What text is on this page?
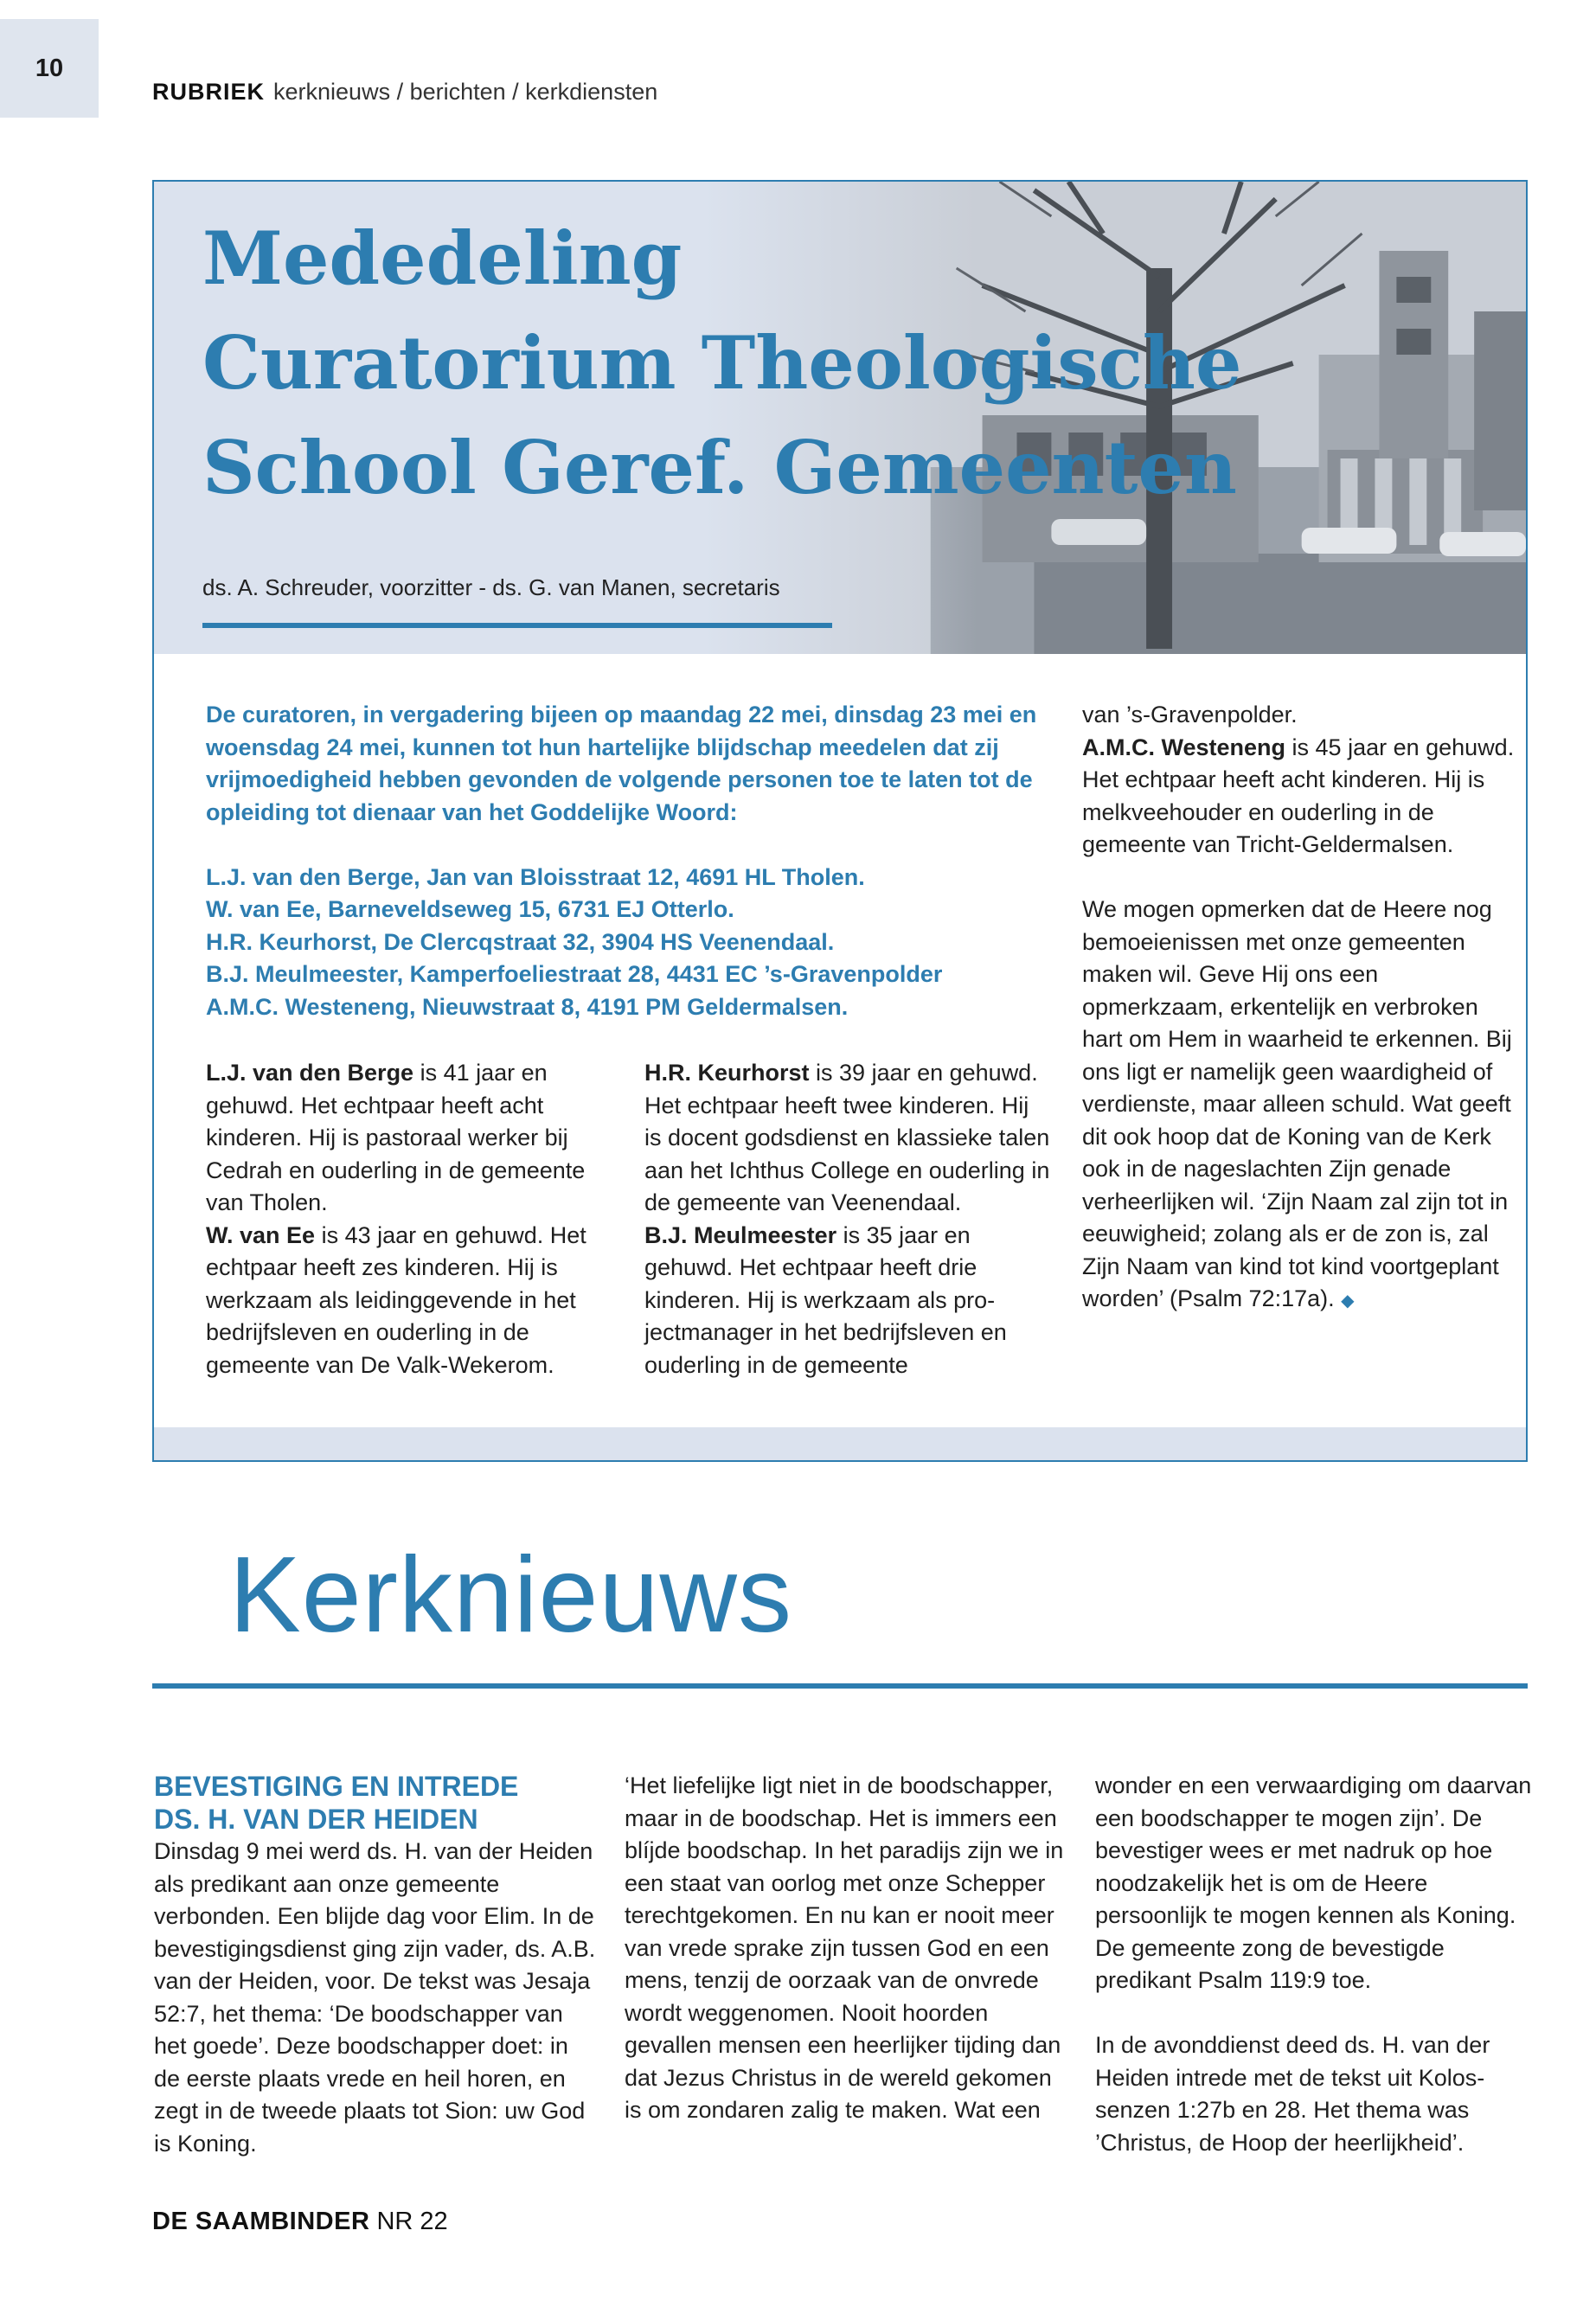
10
RUBRIEK kerknieuws / berichten / kerkdiensten
Mededeling
Curatorium Theologische
School Geref. Gemeenten
ds. A. Schreuder, voorzitter - ds. G. van Manen, secretaris

De curatoren, in vergadering bijeen op maandag 22 mei, dinsdag 23 mei en woensdag 24 mei, kunnen tot hun hartelijke blijdschap meedelen dat zij vrijmoedigheid hebben gevonden de volgende personen toe te laten tot de opleiding tot dienaar van het Goddelijke Woord:

L.J. van den Berge, Jan van Bloisstraat 12, 4691 HL Tholen.
W. van Ee, Barneveldseweg 15, 6731 EJ Otterlo.
H.R. Keurhorst, De Clercqstraat 32, 3904 HS Veenendaal.
B.J. Meulmeester, Kamperfoeliestraat 28, 4431 EC ’s-Gravenpolder
A.M.C. Westeneng, Nieuwstraat 8, 4191 PM Geldermalsen.

L.J. van den Berge is 41 jaar en gehuwd. Het echtpaar heeft acht kinderen. Hij is pastoraal werker bij Cedrah en ouderling in de gemeente van Tholen.

W. van Ee is 43 jaar en gehuwd. Het echtpaar heeft zes kinderen. Hij is werkzaam als leidinggevende in het bedrijfsleven en ouderling in de gemeente van De Valk-Wekerom.

H.R. Keurhorst is 39 jaar en gehuwd. Het echtpaar heeft twee kinderen. Hij is docent godsdienst en klassieke talen aan het Ichthus College en ouderling in de gemeente van Veenendaal.

B.J. Meulmeester is 35 jaar en gehuwd. Het echtpaar heeft drie kinderen. Hij is werkzaam als projectmanager in het bedrijfsleven en ouderling in de gemeente

van ’s-Gravenpolder.

A.M.C. Westeneng is 45 jaar en gehuwd. Het echtpaar heeft acht kinderen. Hij is melkveehouder en ouderling in de gemeente van Tricht-Geldermalsen.

We mogen opmerken dat de Heere nog bemoeienissen met onze gemeenten maken wil. Geve Hij ons een opmerkzaam, erkentelijk en verbroken hart om Hem in waarheid te erkennen. Bij ons ligt er namelijk geen waardigheid of verdienste, maar alleen schuld. Wat geeft dit ook hoop dat de Koning van de Kerk ook in de nageslachten Zijn genade verheerlijken wil. ‘Zijn Naam zal zijn tot in eeuwigheid; zolang als er de zon is, zal Zijn Naam van kind tot kind voortgeplant worden’ (Psalm 72:17a). ◆

Kerknieuws
BEVESTIGING EN INTREDE
DS. H. VAN DER HEIDEN

Dinsdag 9 mei werd ds. H. van der Heiden als predikant aan onze gemeente verbonden. Een blijde dag voor Elim. In de bevestigingsdienst ging zijn vader, ds. A.B. van der Heiden, voor. De tekst was Jesaja 52:7, het thema: ‘De boodschapper van het goede’. Deze boodschapper doet: in de eerste plaats vrede en heil horen, en zegt in de tweede plaats tot Sion: uw God is Koning.

‘Het liefelijke ligt niet in de boodschapper, maar in de boodschap. Het is immers een blíjde boodschap. In het paradijs zijn we in een staat van oorlog met onze Schepper terechtgekomen. En nu kan er nooit meer van vrede sprake zijn tussen God en een mens, tenzij de oorzaak van de onvrede wordt weggenomen. Nooit hoorden gevallen mensen een heerlijker tijding dan dat Jezus Christus in de wereld gekomen is om zondaren zalig te maken. Wat een

wonder en een verwaardiging om daarvan een boodschapper te mogen zijn’. De bevestiger wees er met nadruk op hoe noodzakelijk het is om de Heere persoonlijk te mogen kennen als Koning. De gemeente zong de bevestigde predikant Psalm 119:9 toe.

In de avonddienst deed ds. H. van der Heiden intrede met de tekst uit Kolossenzen 1:27b en 28. Het thema was ’Christus, de Hoop der heerlijkheid’.

DE SAAMBINDER NR 22
